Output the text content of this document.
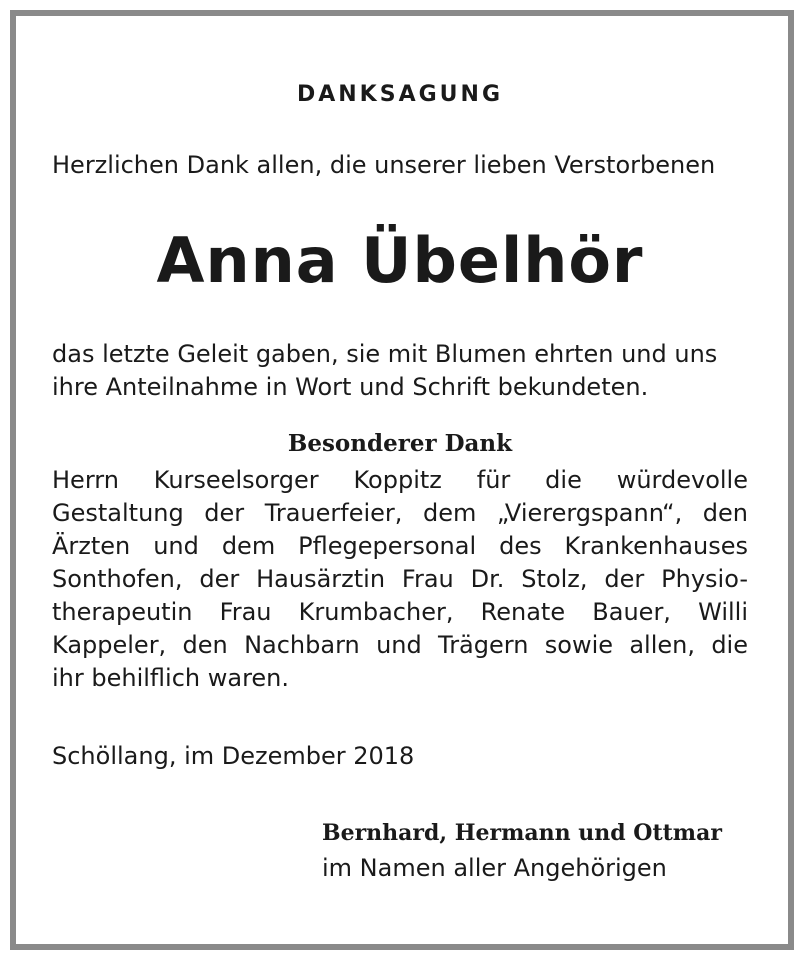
DANKSAGUNG
Herzlichen Dank allen, die unserer lieben Verstorbenen
Anna Übelhör
das letzte Geleit gaben, sie mit Blumen ehrten und uns
ihre Anteilnahme in Wort und Schrift bekundeten.
Besonderer Dank
Herrn Kurseelsorger Koppitz für die würdevolle
Gestaltung der Trauerfeier, dem „Vierergspann“, den
Ärzten und dem Pflegepersonal des Krankenhauses
Sonthofen, der Hausärztin Frau Dr. Stolz, der Physio-
therapeutin Frau Krumbacher, Renate Bauer, Willi
Kappeler, den Nachbarn und Trägern sowie allen, die
ihr behilflich waren.
Schöllang, im Dezember 2018
Bernhard, Hermann und Ottmar
im Namen aller Angehörigen
